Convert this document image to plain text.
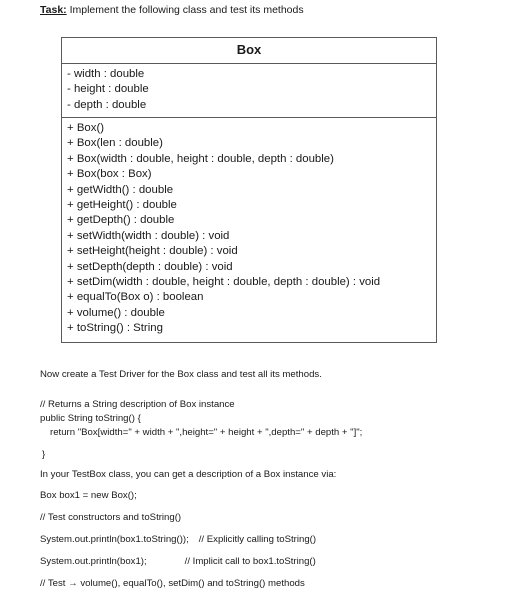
Task: Implement the following class and test its methods
Box
- width : double
- height : double
- depth : double
+ Box()
+ Box(len : double)
+ Box(width : double, height : double, depth : double)
+ Box(box : Box)
+ getWidth() : double
+ getHeight() : double
+ getDepth() : double
+ setWidth(width : double) : void
+ setHeight(height : double) : void
+ setDepth(depth : double) : void
+ setDim(width : double, height : double, depth : double) : void
+ equalTo(Box o) : boolean
+ volume() : double
+ toString() : String
Now create a Test Driver for the Box class and test all its methods.
// Returns a String description of Box instance
public String toString() {
return "Box[width=" + width + ",height=" + height + ",depth=" + depth + "]";
}
In your TestBox class, you can get a description of a Box instance via:
Box box1 = new Box();
// Test constructors and toString()
System.out.println(box1.toString()); // Explicitly calling toString()
System.out.println(box1);	// Implicit call to box1.toString()
// Test → volume(), equalTo(), setDim() and toString() methods
